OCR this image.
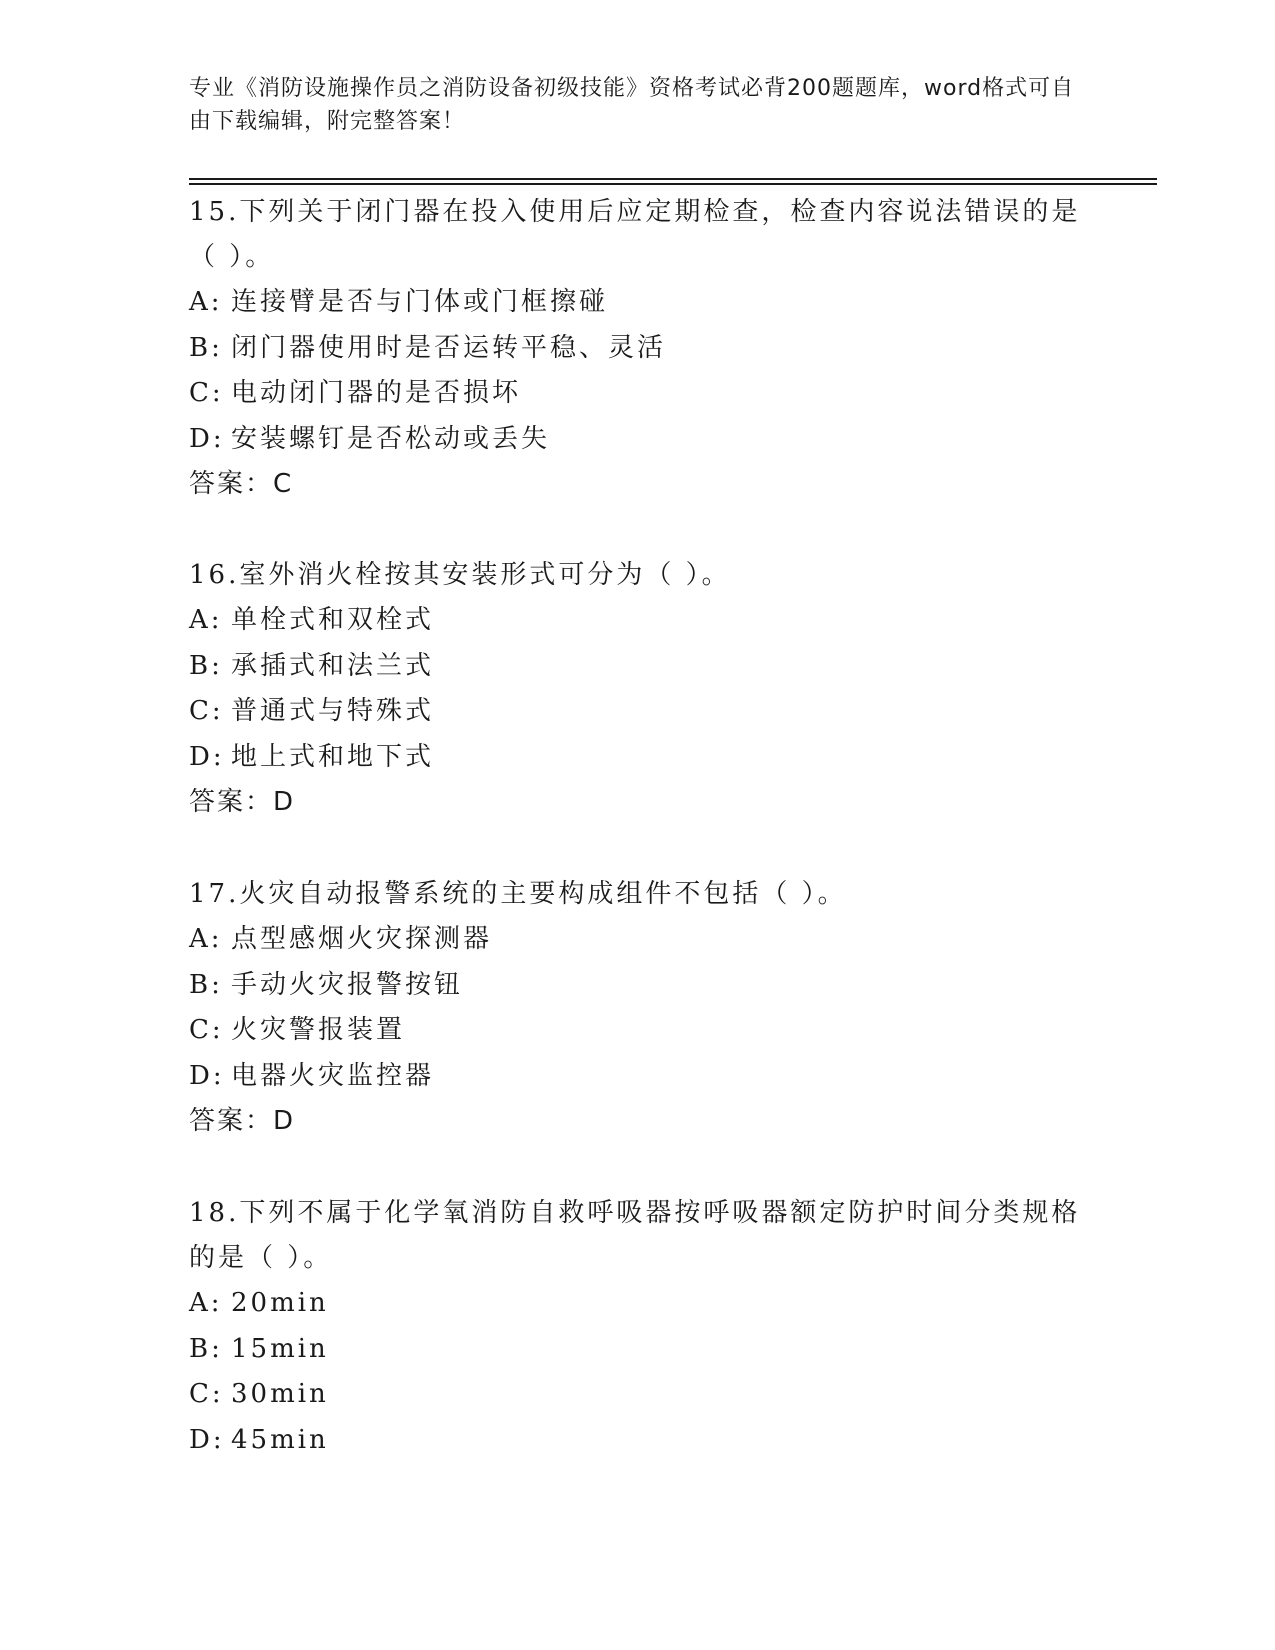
专业《消防设施操作员之消防设备初级技能》资格考试必背200题题库，word格式可自由下载编辑，附完整答案！

15.下列关于闭门器在投入使用后应定期检查，检查内容说法错误的是（ ）。

A: 连接臂是否与门体或门框擦碰
B: 闭门器使用时是否运转平稳、灵活
C: 电动闭门器的是否损坏
D: 安装螺钉是否松动或丢失
答案：C

16.室外消火栓按其安装形式可分为（ ）。

A: 单栓式和双栓式
B: 承插式和法兰式
C: 普通式与特殊式
D: 地上式和地下式
答案：D

17.火灾自动报警系统的主要构成组件不包括（ ）。

A: 点型感烟火灾探测器
B: 手动火灾报警按钮
C: 火灾警报装置
D: 电器火灾监控器
答案：D

18.下列不属于化学氧消防自救呼吸器按呼吸器额定防护时间分类规格的是（ ）。

A: 20min
B: 15min
C: 30min
D: 45min
